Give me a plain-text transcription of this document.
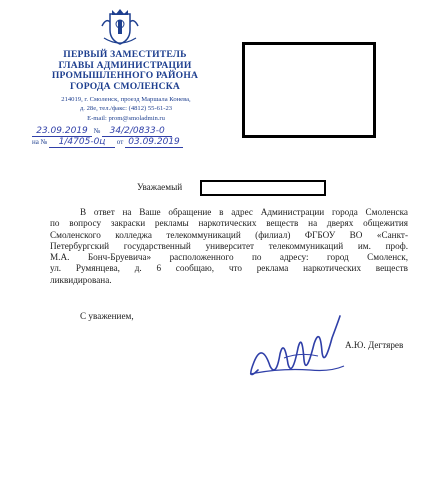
ПЕРВЫЙ ЗАМЕСТИТЕЛЬ
ГЛАВЫ АДМИНИСТРАЦИИ
ПРОМЫШЛЕННОГО РАЙОНА
ГОРОДА СМОЛЕНСКА
214019, г. Смоленск, проезд Маршала Конева,
д. 28е, тел./факс: (4812) 55-61-23
E-mail: prom@smoladmin.ru
23.09.2019 № 34/2/0833-0
на № 1/4705-0ц от 03.09.2019
Уважаемый
В ответ на Ваше обращение в адрес Администрации города Смоленска
по вопросу закраски рекламы наркотических веществ на дверях общежития
Смоленского колледжа телекоммуникаций (филиал) ФГБОУ ВО «Санкт-
Петербургский государственный университет телекоммуникаций им. проф.
М.А. Бонч-Бруевича» расположенного по адресу: город Смоленск,
ул. Румянцева, д. 6 сообщаю, что реклама наркотических веществ
ликвидирована.
С уважением,
А.Ю. Дегтярев
